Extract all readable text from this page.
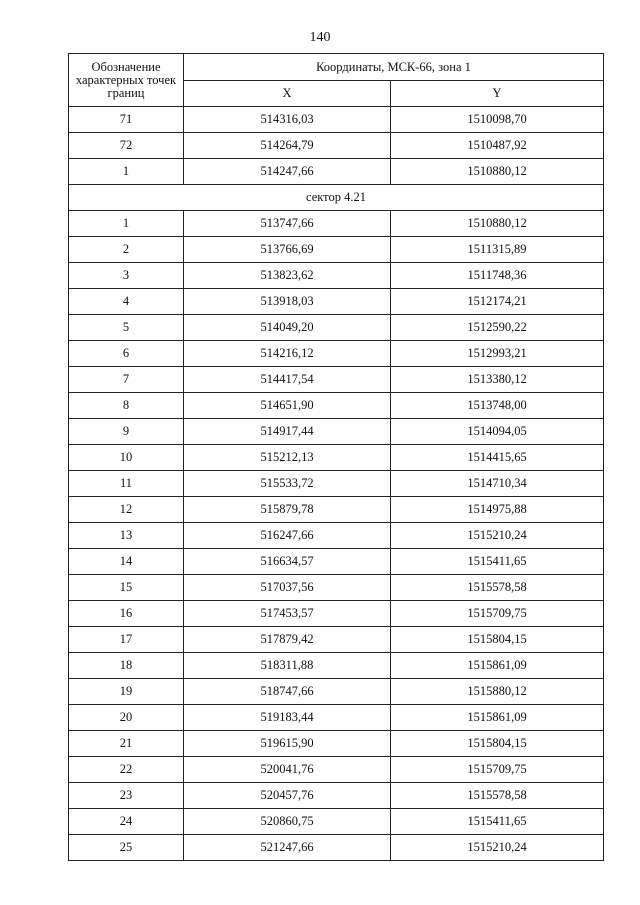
140
Обозначение характерных точек границ	Координаты, МСК-66, зона 1	
	X	Y
71	514316,03	1510098,70
72	514264,79	1510487,92
1	514247,66	1510880,12
сектор 4.21		
1	513747,66	1510880,12
2	513766,69	1511315,89
3	513823,62	1511748,36
4	513918,03	1512174,21
5	514049,20	1512590,22
6	514216,12	1512993,21
7	514417,54	1513380,12
8	514651,90	1513748,00
9	514917,44	1514094,05
10	515212,13	1514415,65
11	515533,72	1514710,34
12	515879,78	1514975,88
13	516247,66	1515210,24
14	516634,57	1515411,65
15	517037,56	1515578,58
16	517453,57	1515709,75
17	517879,42	1515804,15
18	518311,88	1515861,09
19	518747,66	1515880,12
20	519183,44	1515861,09
21	519615,90	1515804,15
22	520041,76	1515709,75
23	520457,76	1515578,58
24	520860,75	1515411,65
25	521247,66	1515210,24
